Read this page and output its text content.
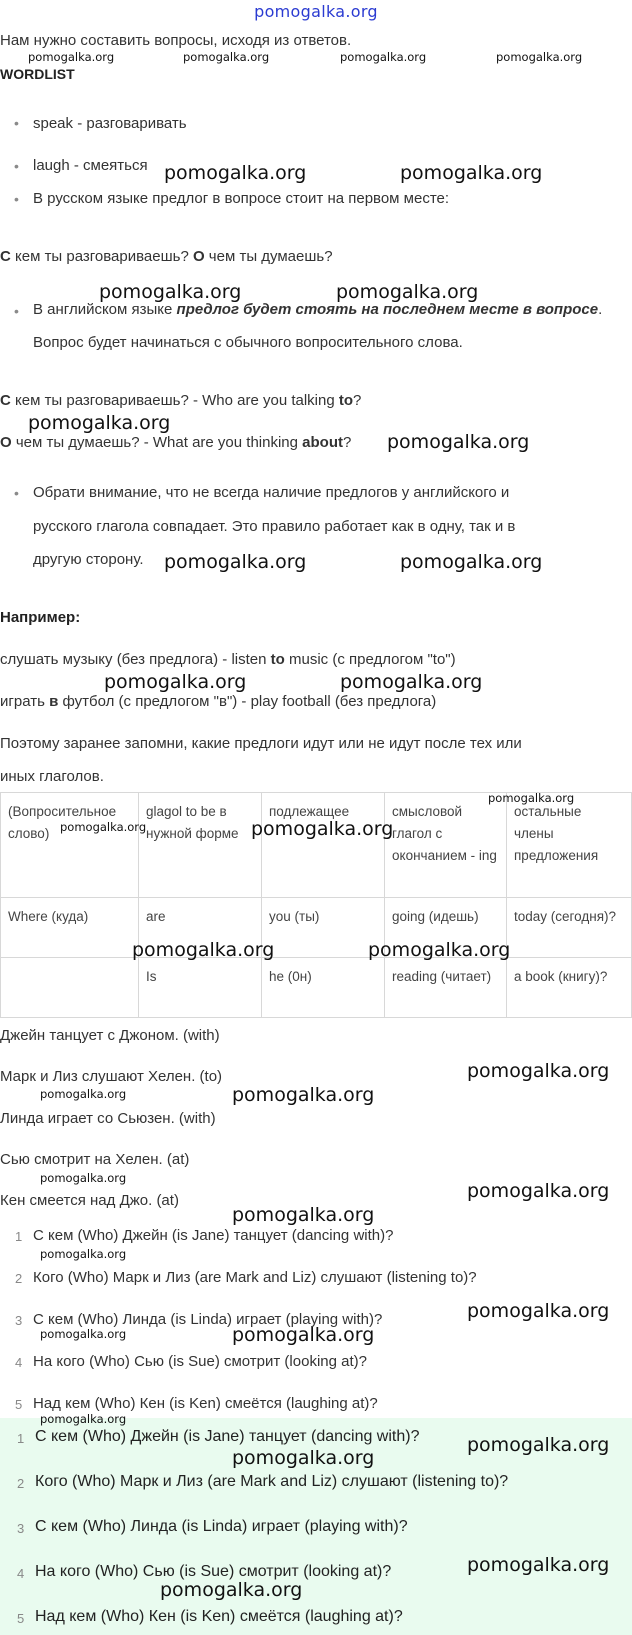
pomogalka.org
Нам нужно составить вопросы, исходя из ответов.
pomogalka.org	pomogalka.org	pomogalka.org	pomogalka.org
WORDLIST
• speak - разговаривать
• laugh - смеяться pomogalka.org	pomogalka.org
• В русском языке предлог в вопросе стоит на первом месте:
С кем ты разговариваешь? О чем ты думаешь?
pomogalka.org	pomogalka.org
• В английском языке предлог будет стоять на последнем месте в вопросе.
Вопрос будет начинаться с обычного вопросительного слова.
С кем ты разговариваешь? - Who are you talking to?
pomogalka.org
О чем ты думаешь? - What are you thinking about? pomogalka.org
• Обрати внимание, что не всегда наличие предлогов у английского и
русского глагола совпадает. Это правило работает как в одну, так и в
другую сторону. pomogalka.org	pomogalka.org
Например:
слушать музыку (без предлога) - listen to music (с предлогом "to")
pomogalka.org	pomogalka.org
играть в футбол (с предлогом "в") - play football (без предлога)
Поэтому заранее запомни, какие предлоги идут или не идут после тех или
иных глаголов.
(Вопросительное слово)	glagol to be в нужной форме	подлежащее	смысловой глагол с окончанием - ing	остальные члены предложения
Where (куда)	are	you (ты)	going (идешь)	today (сегодня)?
	Is	he (0н)	reading (читает)	a book (книгу)?
pomogalka.org
pomogalka.org
pomogalka.org
pomogalka.org	pomogalka.org
Джейн танцует с Джоном. (with)
Марк и Лиз слушают Хелен. (to)
pomogalka.org	pomogalka.org
pomogalka.org
Линда играет со Сьюзен. (with)
Сью смотрит на Хелен. (at)
pomogalka.org
Кен смеется над Джо. (at)	pomogalka.org
pomogalka.org
1 С кем (Who) Джейн (is Jane) танцует (dancing with)?
pomogalka.org
2 Кого (Who) Марк и Лиз (are Mark and Liz) слушают (listening to)?
3 С кем (Who) Линда (is Linda) играет (playing with)?	pomogalka.org
pomogalka.org	pomogalka.org
4 На кого (Who) Сью (is Sue) смотрит (looking at)?
5 Над кем (Who) Кен (is Ken) смеётся (laughing at)?
pomogalka.org
1 С кем (Who) Джейн (is Jane) танцует (dancing with)?	pomogalka.org
pomogalka.org
2 Кого (Who) Марк и Лиз (are Mark and Liz) слушают (listening to)?
3 С кем (Who) Линда (is Linda) играет (playing with)?
4 На кого (Who) Сью (is Sue) смотрит (looking at)?	pomogalka.org
pomogalka.org
5 Над кем (Who) Кен (is Ken) смеётся (laughing at)?
